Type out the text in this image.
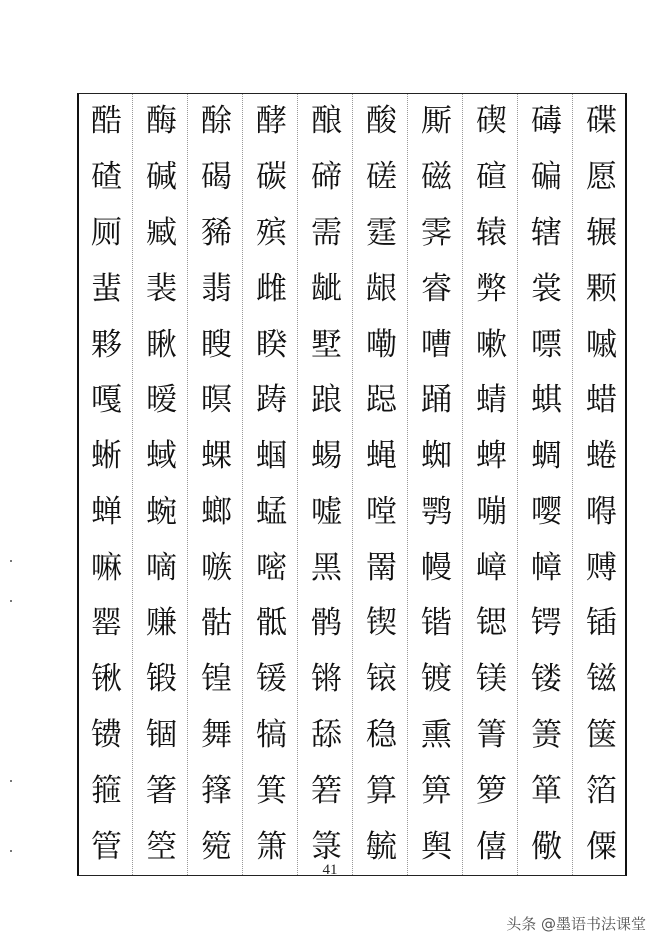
酷 酶 酴 酵 酿 酸 厮 碶 碡 碟
碴 碱 碣 碳 碲 磋 磁 碹 碥 愿
厕 臧 豨 殡 需 霆 霁 辕 辖 辗
蜚 裴 翡 雌 龇 龈 睿 弊 裳 颗
夥 瞅 瞍 睽 墅 嘞 嘈 嗽 嘌 嘁
嘎 暧 暝 踌 踉 跽 踊 蜻 蜞 蜡
蜥 蜮 蜾 蝈 蜴 蝇 蜘 蜱 蜩 蜷
蝉 蜿 螂 蜢 嘘 嘡 鹗 嘣 嘤 嘚
嘛 嘀 嗾 嘧 黑 罱 幔 嶂 幛 赙
罂 赚 骷 骶 鹘 锲 锴 锶 锷 锸
锹 锻 锽 锾 锵 锿 镀 镁 镂 镃
镄 锢 舞 犒 舔 稳 熏 箐 箦 箧
箍 箸 箨 箕 箬 算 箅 箩 箪 箔
管 箜 箢 箫 箓 毓 舆 僖 儆 僳
41
头条 @墨语书法课堂
